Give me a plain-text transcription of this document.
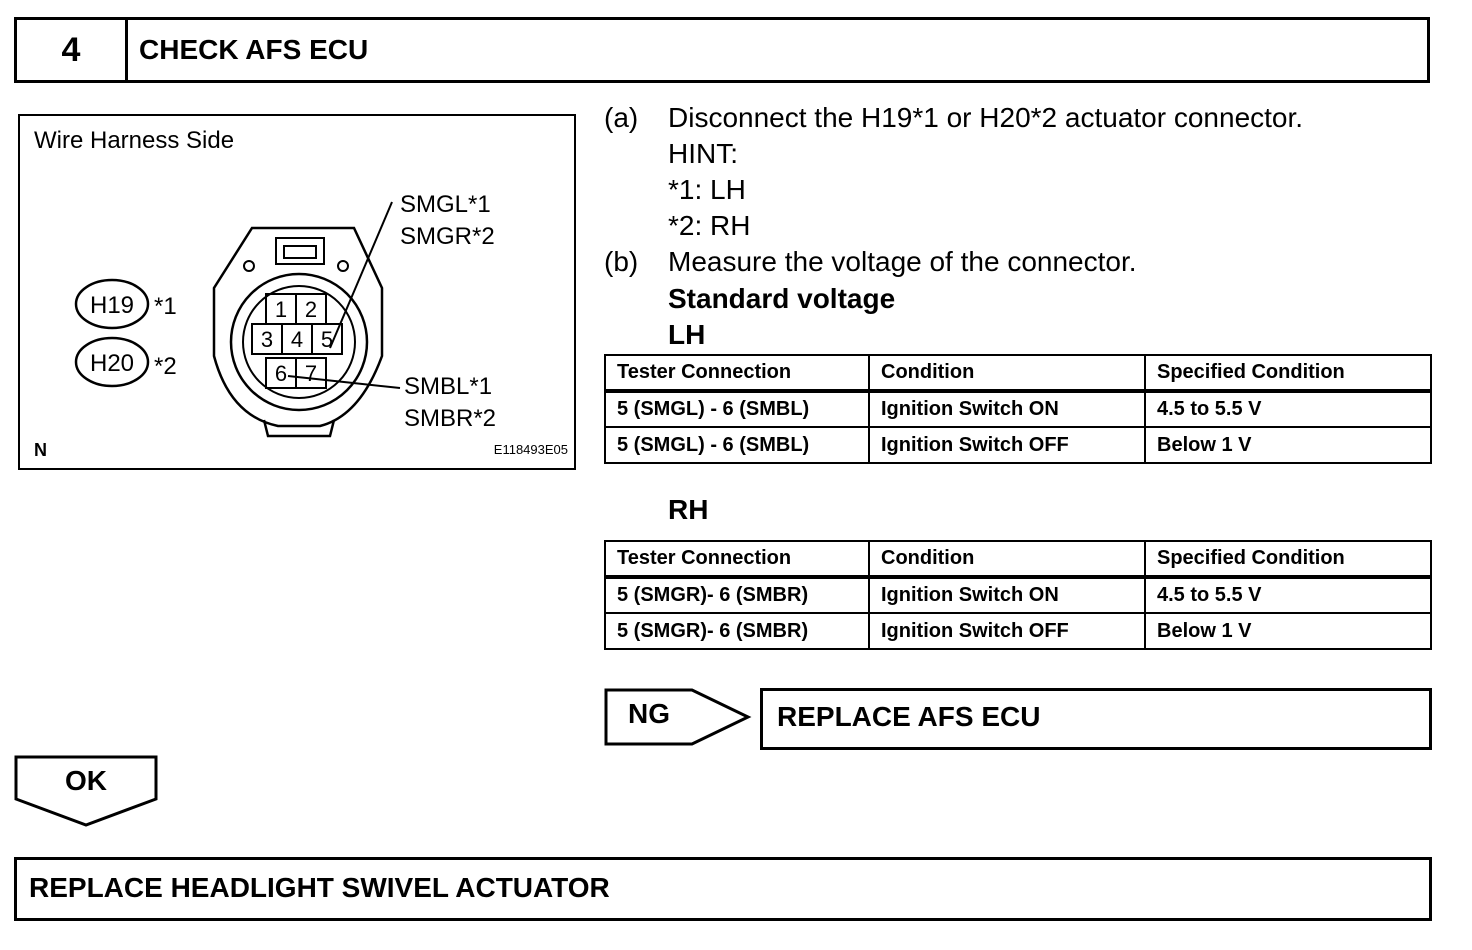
4	CHECK AFS ECU
Wire Harness Side
H19 *1
H20 *2
1 2
3 4 5
6 7
SMGL*1
SMGR*2
SMBL*1
SMBR*2
N	E118493E05
(a) Disconnect the H19*1 or H20*2 actuator connector.
HINT:
*1: LH
*2: RH
(b) Measure the voltage of the connector.
Standard voltage
LH
Tester Connection	Condition	Specified Condition
5 (SMGL) - 6 (SMBL)	Ignition Switch ON	4.5 to 5.5 V
5 (SMGL) - 6 (SMBL)	Ignition Switch OFF	Below 1 V
RH
Tester Connection	Condition	Specified Condition
5 (SMGR)- 6 (SMBR)	Ignition Switch ON	4.5 to 5.5 V
5 (SMGR)- 6 (SMBR)	Ignition Switch OFF	Below 1 V
NG	REPLACE AFS ECU
OK
REPLACE HEADLIGHT SWIVEL ACTUATOR
